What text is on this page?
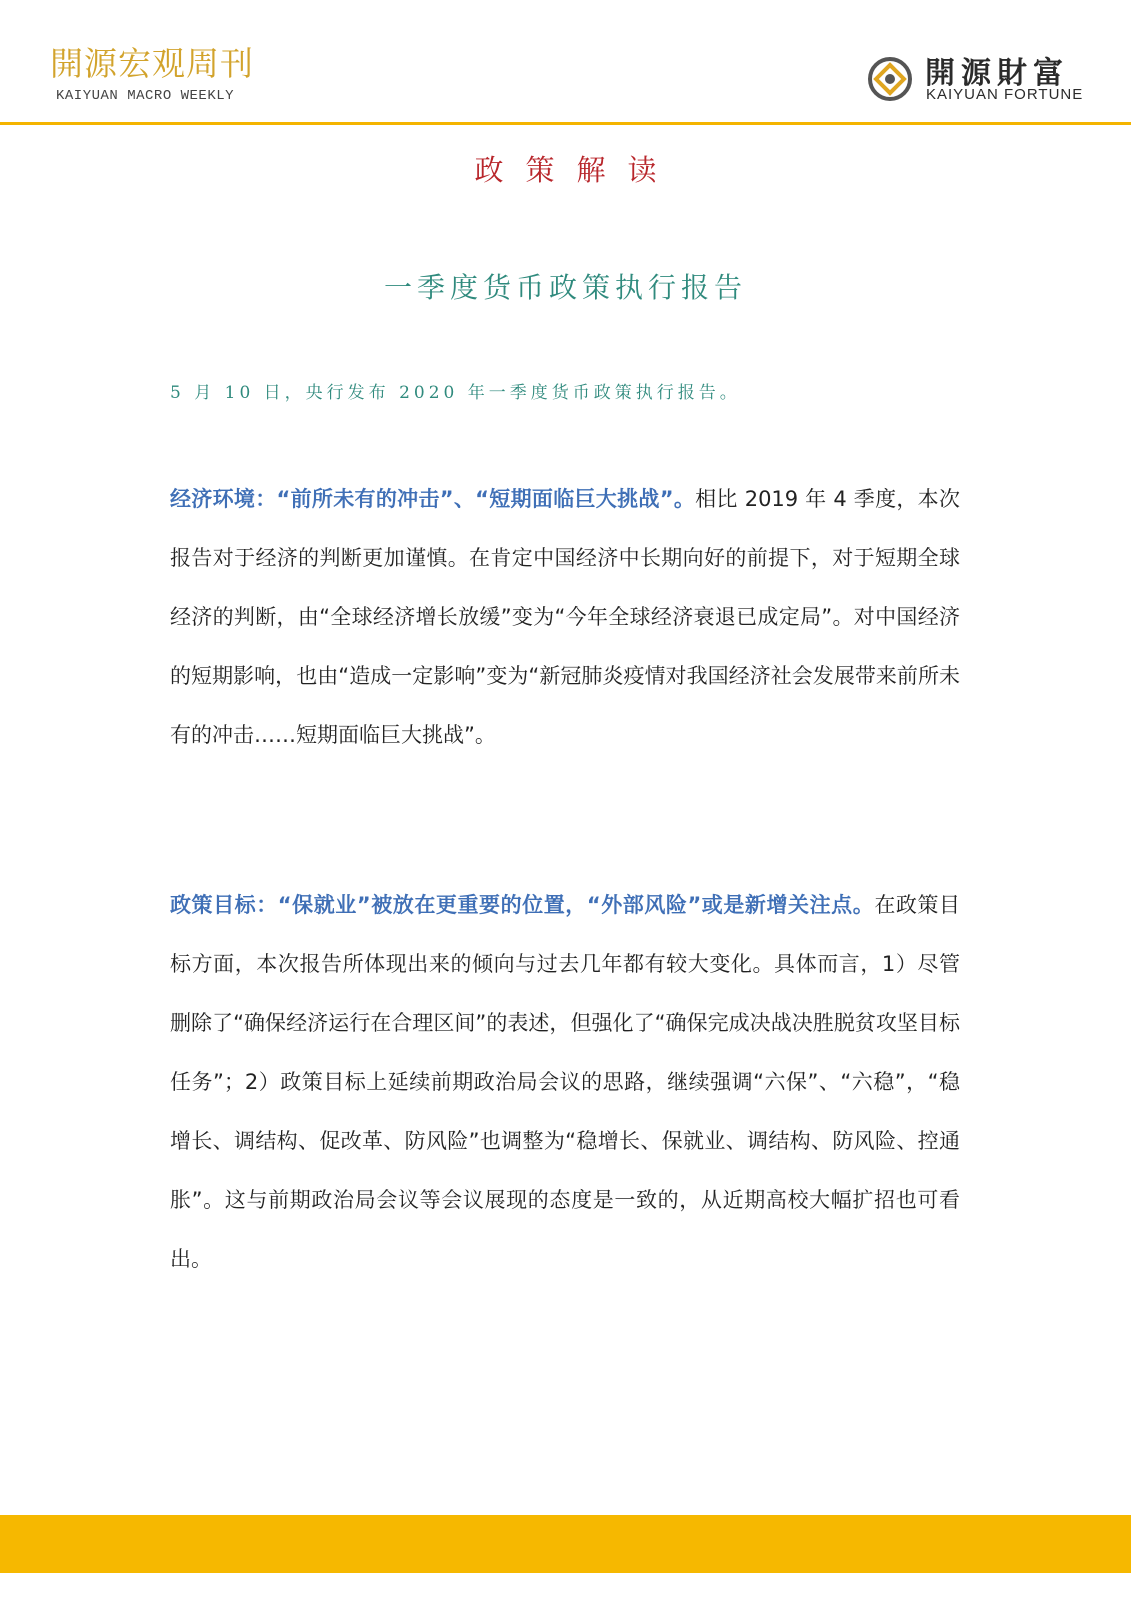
開源宏观周刊
KAIYUAN MACRO WEEKLY
開源財富
KAIYUAN FORTUNE
政策解读
一季度货币政策执行报告
5 月 10 日，央行发布 2020 年一季度货币政策执行报告。

经济环境：“前所未有的冲击”、“短期面临巨大挑战”。相比 2019 年 4 季度，本次报告对于经济的判断更加谨慎。在肯定中国经济中长期向好的前提下，对于短期全球经济的判断，由“全球经济增长放缓”变为“今年全球经济衰退已成定局”。对中国经济的短期影响，也由“造成一定影响”变为“新冠肺炎疫情对我国经济社会发展带来前所未有的冲击……短期面临巨大挑战”。

政策目标：“保就业”被放在更重要的位置，“外部风险”或是新增关注点。在政策目标方面，本次报告所体现出来的倾向与过去几年都有较大变化。具体而言，1）尽管删除了“确保经济运行在合理区间”的表述，但强化了“确保完成决战决胜脱贫攻坚目标任务”；2）政策目标上延续前期政治局会议的思路，继续强调“六保”、“六稳”，“稳增长、调结构、促改革、防风险”也调整为“稳增长、保就业、调结构、防风险、控通胀”。这与前期政治局会议等会议展现的态度是一致的，从近期高校大幅扩招也可看出。
